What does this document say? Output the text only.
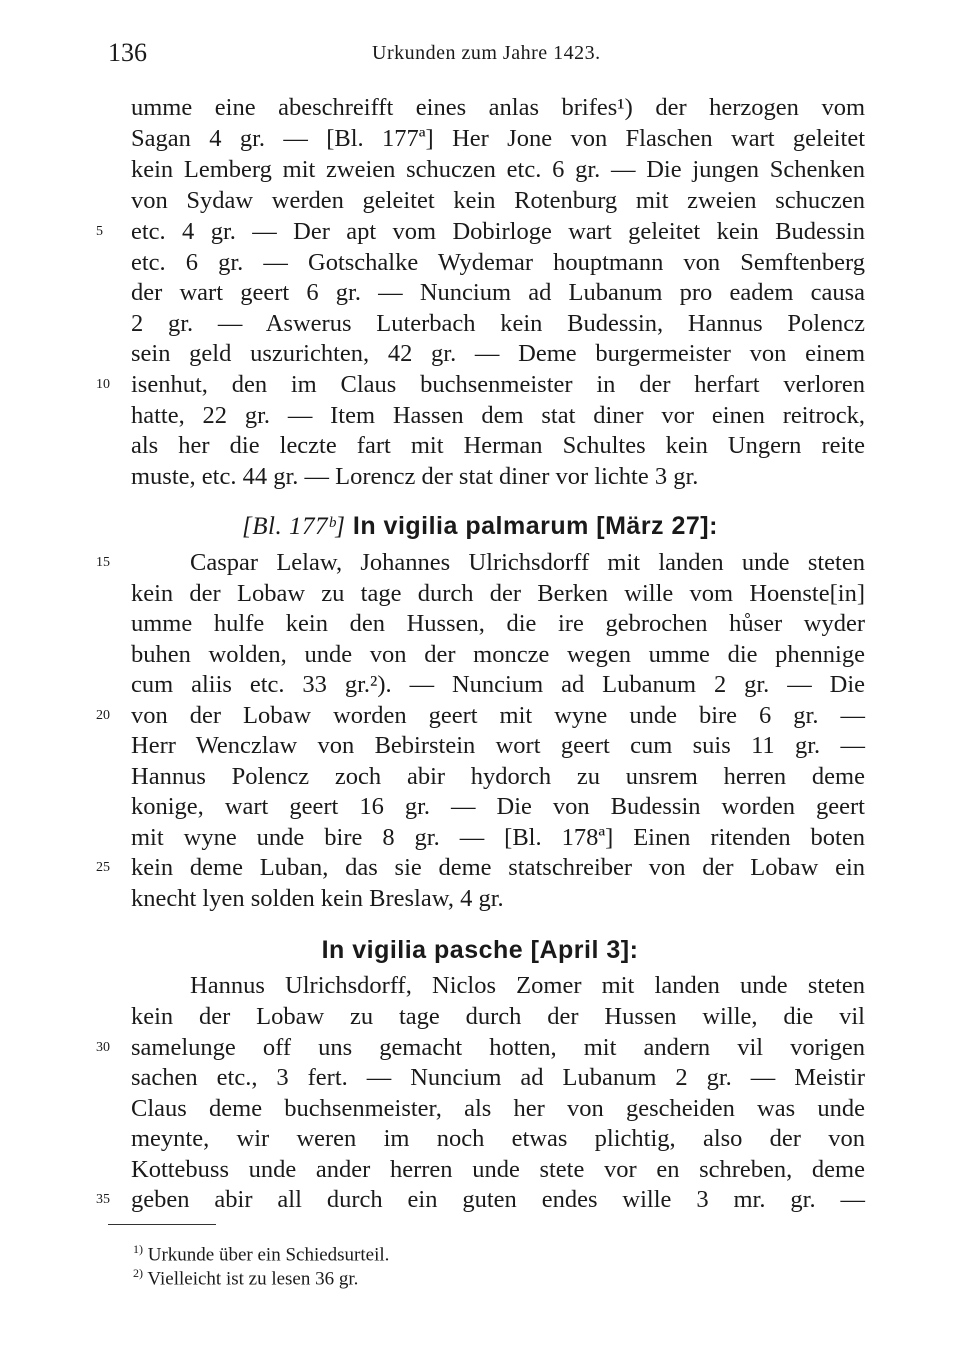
136	Urkunden zum Jahre 1423.
umme eine abeschreifft eines anlas brifes¹) der herzogen vom
Sagan 4 gr. — [Bl. 177ª] Her Jone von Flaschen wart geleitet
kein Lemberg mit zweien schuczen etc. 6 gr. — Die jungen Schenken
von Sydaw werden geleitet kein Rotenburg mit zweien schuczen
etc. 4 gr. — Der apt vom Dobirloge wart geleitet kein Budessin
etc. 6 gr. — Gotschalke Wydemar houptmann von Semftenberg
der wart geert 6 gr. — Nuncium ad Lubanum pro eadem causa
2 gr. — Aswerus Luterbach kein Budessin, Hannus Polencz
sein geld uszurichten, 42 gr. — Deme burgermeister von einem
isenhut, den im Claus buchsenmeister in der herfart verloren
hatte, 22 gr. — Item Hassen dem stat diner vor einen reitrock,
als her die leczte fart mit Herman Schultes kein Ungern reite
muste, etc. 44 gr. — Lorencz der stat diner vor lichte 3 gr.
[Bl. 177ᵇ] In vigilia palmarum [März 27]:
Caspar Lelaw, Johannes Ulrichsdorff mit landen unde steten
kein der Lobaw zu tage durch der Berken wille vom Hoenste[in]
umme hulfe kein den Hussen, die ire gebrochen hůser wyder
buhen wolden, unde von der moncze wegen umme die phennige
cum aliis etc. 33 gr.²). — Nuncium ad Lubanum 2 gr. — Die
von der Lobaw worden geert mit wyne unde bire 6 gr. —
Herr Wenczlaw von Bebirstein wort geert cum suis 11 gr. —
Hannus Polencz zoch abir hydorch zu unsrem herren deme
konige, wart geert 16 gr. — Die von Budessin worden geert
mit wyne unde bire 8 gr. — [Bl. 178ª] Einen ritenden boten
kein deme Luban, das sie deme statschreiber von der Lobaw ein
knecht lyen solden kein Breslaw, 4 gr.
In vigilia pasche [April 3]:
Hannus Ulrichsdorff, Niclos Zomer mit landen unde steten
kein der Lobaw zu tage durch der Hussen wille, die vil
samelunge off uns gemacht hotten, mit andern vil vorigen
sachen etc., 3 fert. — Nuncium ad Lubanum 2 gr. — Meistir
Claus deme buchsenmeister, als her von gescheiden was unde
meynte, wir weren im noch etwas plichtig, also der von
Kottebuss unde ander herren unde stete vor en schreben, deme
geben abir all durch ein guten endes wille 3 mr. gr. —
5
10
15
20
25
30
35
$^{1)}$ Urkunde über ein Schiedsurteil.
$^{2)}$ Vielleicht ist zu lesen 36 gr.
